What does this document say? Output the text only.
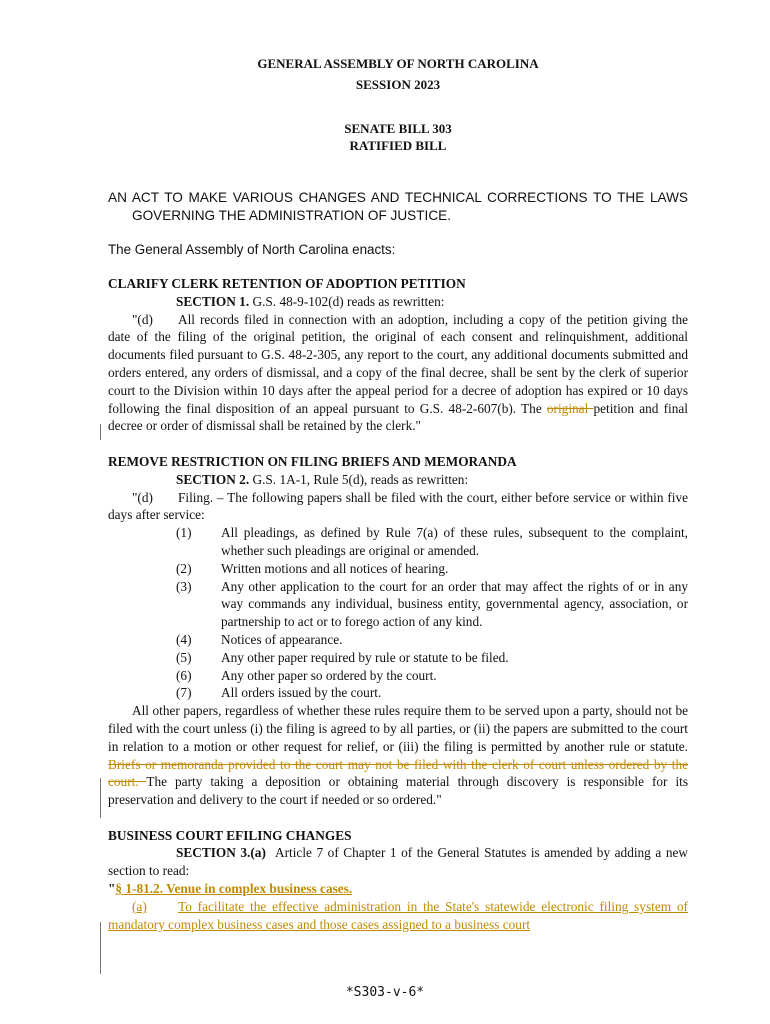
GENERAL ASSEMBLY OF NORTH CAROLINA
SESSION 2023
SENATE BILL 303
RATIFIED BILL
AN ACT TO MAKE VARIOUS CHANGES AND TECHNICAL CORRECTIONS TO THE LAWS GOVERNING THE ADMINISTRATION OF JUSTICE.
The General Assembly of North Carolina enacts:
CLARIFY CLERK RETENTION OF ADOPTION PETITION
SECTION 1. G.S. 48-9-102(d) reads as rewritten:
"(d) All records filed in connection with an adoption, including a copy of the petition giving the date of the filing of the original petition, the original of each consent and relinquishment, additional documents filed pursuant to G.S. 48-2-305, any report to the court, any additional documents submitted and orders entered, any orders of dismissal, and a copy of the final decree, shall be sent by the clerk of superior court to the Division within 10 days after the appeal period for a decree of adoption has expired or 10 days following the final disposition of an appeal pursuant to G.S. 48-2-607(b). The original petition and final decree or order of dismissal shall be retained by the clerk."
REMOVE RESTRICTION ON FILING BRIEFS AND MEMORANDA
SECTION 2. G.S. 1A-1, Rule 5(d), reads as rewritten:
"(d) Filing. – The following papers shall be filed with the court, either before service or within five days after service:
(1)	All pleadings, as defined by Rule 7(a) of these rules, subsequent to the complaint, whether such pleadings are original or amended.
(2)	Written motions and all notices of hearing.
(3)	Any other application to the court for an order that may affect the rights of or in any way commands any individual, business entity, governmental agency, association, or partnership to act or to forego action of any kind.
(4)	Notices of appearance.
(5)	Any other paper required by rule or statute to be filed.
(6)	Any other paper so ordered by the court.
(7)	All orders issued by the court.
All other papers, regardless of whether these rules require them to be served upon a party, should not be filed with the court unless (i) the filing is agreed to by all parties, or (ii) the papers are submitted to the court in relation to a motion or other request for relief, or (iii) the filing is permitted by another rule or statute. Briefs or memoranda provided to the court may not be filed with the clerk of court unless ordered by the court. The party taking a deposition or obtaining material through discovery is responsible for its preservation and delivery to the court if needed or so ordered."
BUSINESS COURT EFILING CHANGES
SECTION 3.(a) Article 7 of Chapter 1 of the General Statutes is amended by adding a new section to read:
"§ 1-81.2. Venue in complex business cases.
(a) To facilitate the effective administration in the State's statewide electronic filing system of mandatory complex business cases and those cases assigned to a business court
*S303-v-6*
